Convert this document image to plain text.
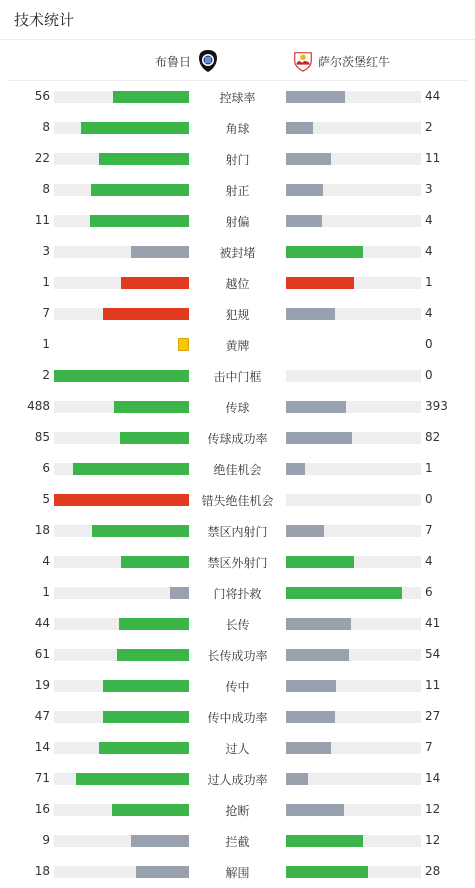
技术统计
布鲁日	萨尔茨堡红牛
56	控球率	44
8	角球	2
22	射门	11
8	射正	3
11	射偏	4
3	被封堵	4
1	越位	1
7	犯规	4
1	黄牌	0
2	击中门框	0
488	传球	393
85	传球成功率	82
6	绝佳机会	1
5	错失绝佳机会	0
18	禁区内射门	7
4	禁区外射门	4
1	门将扑救	6
44	长传	41
61	长传成功率	54
19	传中	11
47	传中成功率	27
14	过人	7
71	过人成功率	14
16	抢断	12
9	拦截	12
18	解围	28
